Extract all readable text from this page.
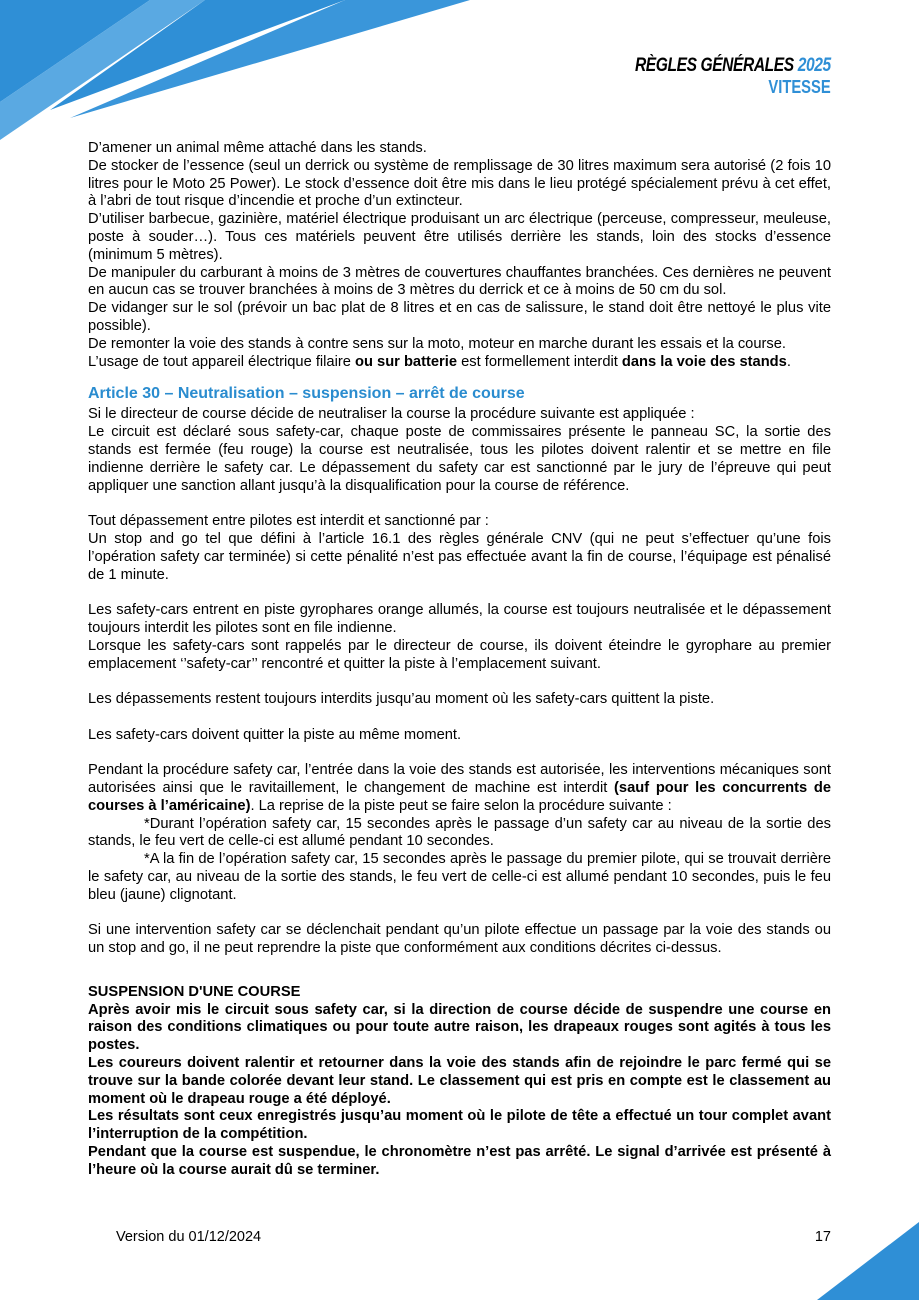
RÈGLES GÉNÉRALES 2025
VITESSE

D’amener un animal même attaché dans les stands.

De stocker de l’essence (seul un derrick ou système de remplissage de 30 litres maximum sera autorisé (2 fois 10 litres pour le Moto 25 Power). Le stock d’essence doit être mis dans le lieu protégé spécialement prévu à cet effet, à l’abri de tout risque d’incendie et proche d’un extincteur.

D’utiliser barbecue, gazinière, matériel électrique produisant un arc électrique (perceuse, compresseur, meuleuse, poste à souder…). Tous ces matériels peuvent être utilisés derrière les stands, loin des stocks d’essence (minimum 5 mètres).

De manipuler du carburant à moins de 3 mètres de couvertures chauffantes branchées. Ces dernières ne peuvent en aucun cas se trouver branchées à moins de 3 mètres du derrick et ce à moins de 50 cm du sol.

De vidanger sur le sol (prévoir un bac plat de 8 litres et en cas de salissure, le stand doit être nettoyé le plus vite possible).

De remonter la voie des stands à contre sens sur la moto, moteur en marche durant les essais et la course.

L’usage de tout appareil électrique filaire ou sur batterie est formellement interdit dans la voie des stands.

Article 30 – Neutralisation – suspension – arrêt de course

Si le directeur de course décide de neutraliser la course la procédure suivante est appliquée :

Le circuit est déclaré sous safety-car, chaque poste de commissaires présente le panneau SC, la sortie des stands est fermée (feu rouge) la course est neutralisée, tous les pilotes doivent ralentir et se mettre en file indienne derrière le safety car. Le dépassement du safety car est sanctionné par le jury de l’épreuve qui peut appliquer une sanction allant jusqu’à la disqualification pour la course de référence.

Tout dépassement entre pilotes est interdit et sanctionné par :

Un stop and go tel que défini à l’article 16.1 des règles générale CNV (qui ne peut s’effectuer qu’une fois l’opération safety car terminée) si cette pénalité n’est pas effectuée avant la fin de course, l’équipage est pénalisé de 1 minute.

Les safety-cars entrent en piste gyrophares orange allumés, la course est toujours neutralisée et le dépassement toujours interdit les pilotes sont en file indienne.

Lorsque les safety-cars sont rappelés par le directeur de course, ils doivent éteindre le gyrophare au premier emplacement ‘’safety-car’’ rencontré et quitter la piste à l’emplacement suivant.

Les dépassements restent toujours interdits jusqu’au moment où les safety-cars quittent la piste.

Les safety-cars doivent quitter la piste au même moment.

Pendant la procédure safety car, l’entrée dans la voie des stands est autorisée, les interventions mécaniques sont autorisées ainsi que le ravitaillement, le changement de machine est interdit (sauf pour les concurrents de courses à l’américaine). La reprise de la piste peut se faire selon la procédure suivante :

*Durant l’opération safety car, 15 secondes après le passage d’un safety car au niveau de la sortie des stands, le feu vert de celle-ci est allumé pendant 10 secondes.

*A la fin de l’opération safety car, 15 secondes après le passage du premier pilote, qui se trouvait derrière le safety car, au niveau de la sortie des stands, le feu vert de celle-ci est allumé pendant 10 secondes, puis le feu bleu (jaune) clignotant.

Si une intervention safety car se déclenchait pendant qu’un pilote effectue un passage par la voie des stands ou un stop and go, il ne peut reprendre la piste que conformément aux conditions décrites ci-dessus.

SUSPENSION D'UNE COURSE

Après avoir mis le circuit sous safety car, si la direction de course décide de suspendre une course en raison des conditions climatiques ou pour toute autre raison, les drapeaux rouges sont agités à tous les postes.

Les coureurs doivent ralentir et retourner dans la voie des stands afin de rejoindre le parc fermé qui se trouve sur la bande colorée devant leur stand. Le classement qui est pris en compte est le classement au moment où le drapeau rouge a été déployé.

Les résultats sont ceux enregistrés jusqu’au moment où le pilote de tête a effectué un tour complet avant l’interruption de la compétition.

Pendant que la course est suspendue, le chronomètre n’est pas arrêté. Le signal d’arrivée est présenté à l’heure où la course aurait dû se terminer.

Version du 01/12/2024	17
